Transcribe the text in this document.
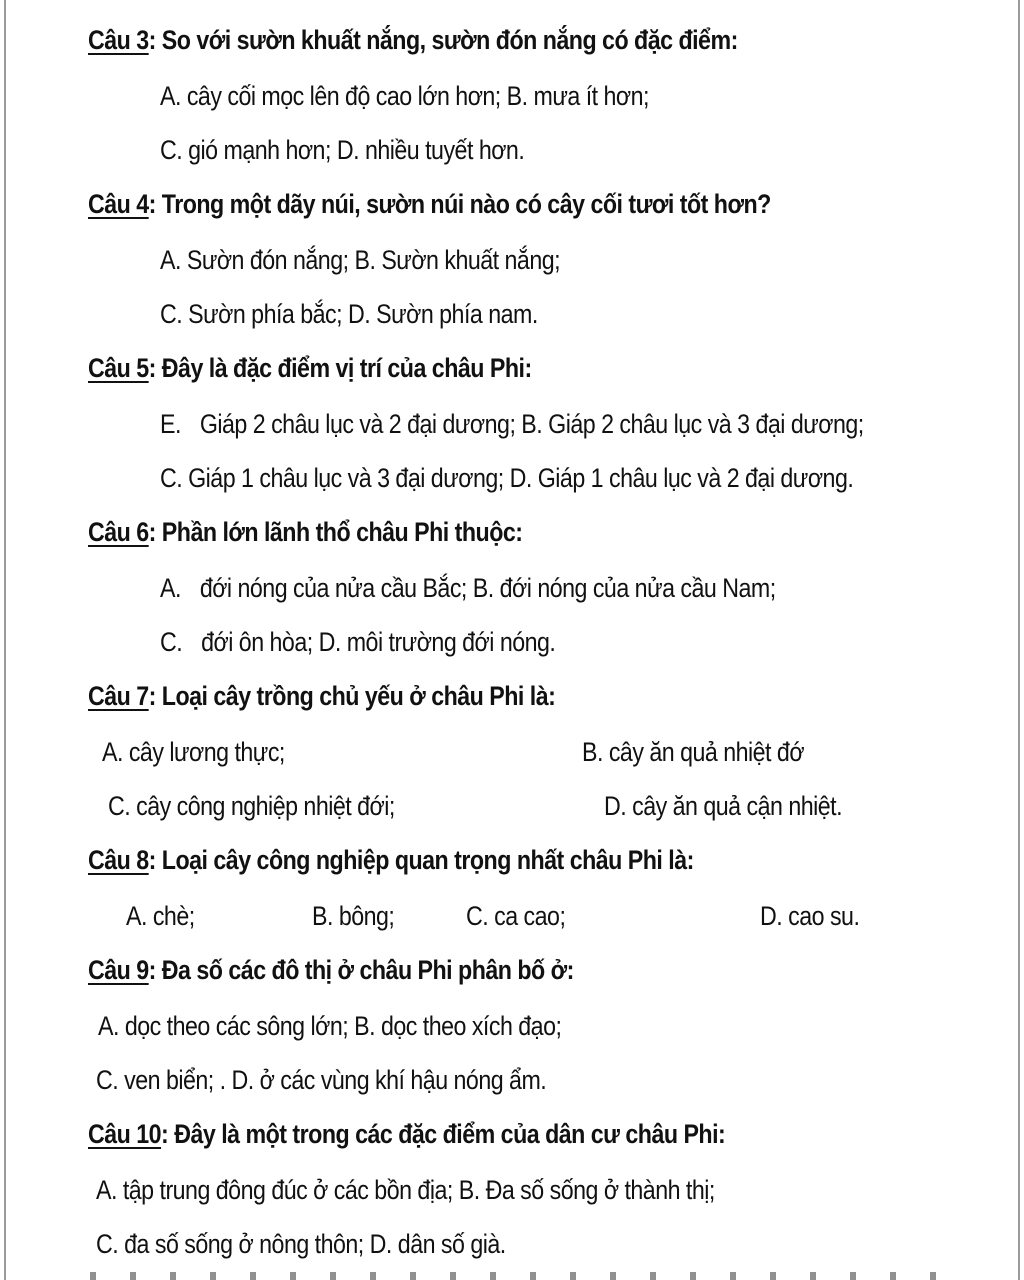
Câu 3: So với sườn khuất nắng, sườn đón nắng có đặc điểm:
A. cây cối mọc lên độ cao lớn hơn; B. mưa ít hơn;
C. gió mạnh hơn; D. nhiều tuyết hơn.
Câu 4: Trong một dãy núi, sườn núi nào có cây cối tươi tốt hơn?
A. Sườn đón nắng; B. Sườn khuất nắng;
C. Sườn phía bắc; D. Sườn phía nam.
Câu 5: Đây là đặc điểm vị trí của châu Phi:
E. Giáp 2 châu lục và 2 đại dương; B. Giáp 2 châu lục và 3 đại dương;
C. Giáp 1 châu lục và 3 đại dương; D. Giáp 1 châu lục và 2 đại dương.
Câu 6: Phần lớn lãnh thổ châu Phi thuộc:
A. đới nóng của nửa cầu Bắc; B. đới nóng của nửa cầu Nam;
C. đới ôn hòa; D. môi trường đới nóng.
Câu 7: Loại cây trồng chủ yếu ở châu Phi là:
A. cây lương thực;	B. cây ăn quả nhiệt đớ
C. cây công nghiệp nhiệt đới;	D. cây ăn quả cận nhiệt.
Câu 8: Loại cây công nghiệp quan trọng nhất châu Phi là:
A. chè;	B. bông;	C. ca cao;	D. cao su.
Câu 9: Đa số các đô thị ở châu Phi phân bố ở:
A. dọc theo các sông lớn; B. dọc theo xích đạo;
C. ven biển; . D. ở các vùng khí hậu nóng ẩm.
Câu 10: Đây là một trong các đặc điểm của dân cư châu Phi:
A. tập trung đông đúc ở các bồn địa; B. Đa số sống ở thành thị;
C. đa số sống ở nông thôn; D. dân số già.
